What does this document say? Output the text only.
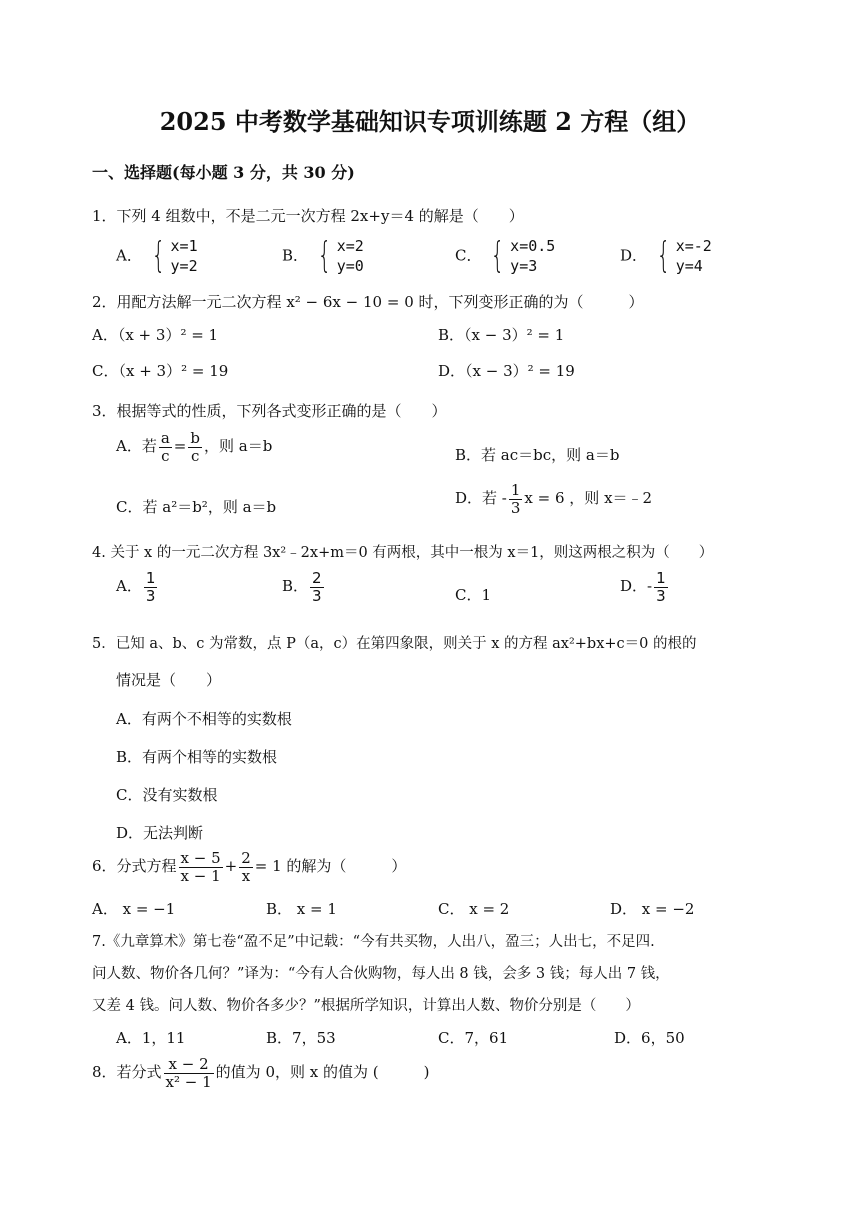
2025 中考数学基础知识专项训练题 2 方程（组）
一、选择题(每小题 3 分，共 30 分)
1．下列 4 组数中，不是二元一次方程 2x+y＝4 的解是（　　）
A． { x=1
y=2
B． { x=2
y=0
C． { x=0.5
y=3
D． { x=-2
y=4
2．用配方法解一元二次方程 x² − 6x − 10 = 0 时，下列变形正确的为（　　　）
A．（x + 3）² = 1	B．（x − 3）² = 1
C．（x + 3）² = 19	D．（x − 3）² = 19
3．根据等式的性质，下列各式变形正确的是（　　）
A．若 $\frac{a}{c} = \frac{b}{c}$ ，则 a＝b	B．若 ac＝bc，则 a＝b
C．若 a²＝b²，则 a＝b	D．若 - $\frac{1}{3}$ x = 6 ，则 x＝﹣2
4. 关于 x 的一元二次方程 3x²﹣2x+m＝0 有两根，其中一根为 x＝1，则这两根之积为（　　）
A． $\frac{1}{3}$	B． $\frac{2}{3}$	C．1	D．- $\frac{1}{3}$
5．已知 a、b、c 为常数，点 P（a，c）在第四象限，则关于 x 的方程 ax²+bx+c＝0 的根的
情况是（　　）
A．有两个不相等的实数根
B．有两个相等的实数根
C．没有实数根
D．无法判断
6．分式方程 $\frac{x - 5}{x - 1} + \frac{2}{x} = 1$ 的解为（　　　）
A． x = −1	B． x = 1	C． x = 2	D． x = −2
7.《九章算术》第七卷“盈不足”中记载：“今有共买物，人出八，盈三；人出七，不足四.
问人数、物价各几何？”译为：“今有人合伙购物，每人出 8 钱，会多 3 钱；每人出 7 钱，
又差 4 钱。问人数、物价各多少？”根据所学知识，计算出人数、物价分别是（　　）
A．1，11	B．7，53	C．7，61	D．6，50
8．若分式 $\frac{x - 2}{\text{x² − 1}}$ 的值为 0，则 x 的值为 (　　　)
